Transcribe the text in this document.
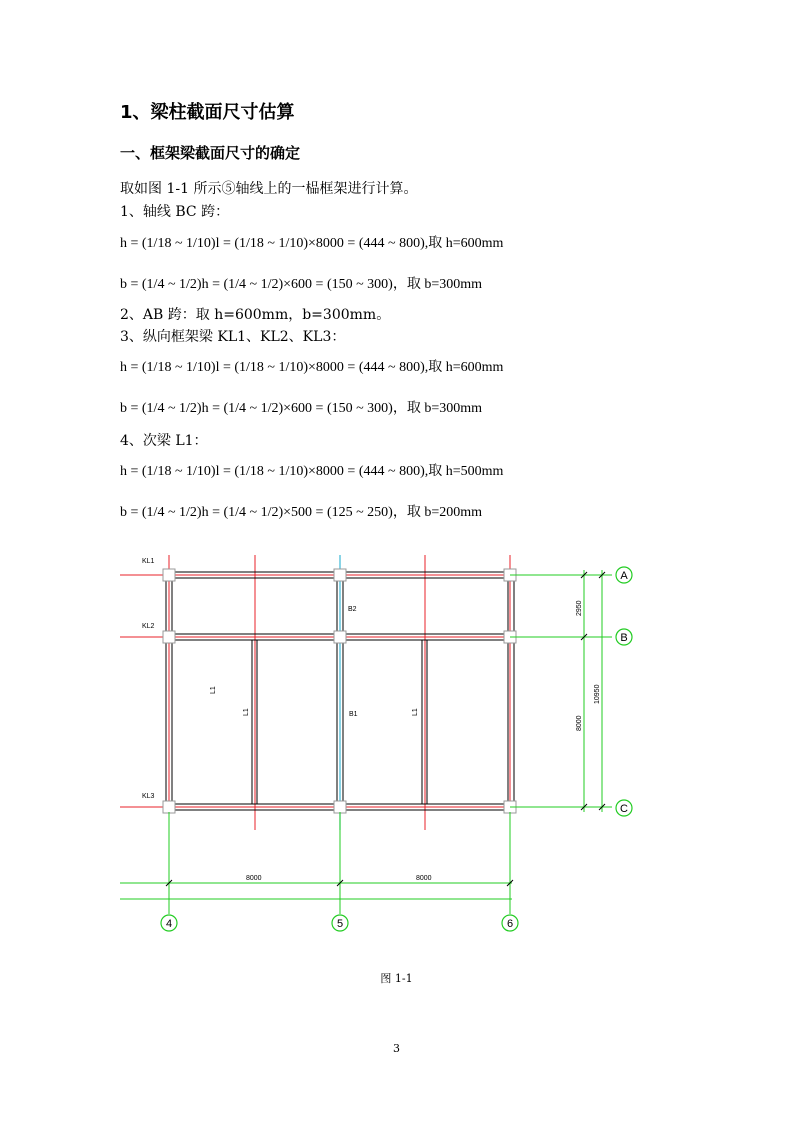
1、梁柱截面尺寸估算
一、框架梁截面尺寸的确定
取如图 1-1 所示⑤轴线上的一榀框架进行计算。
1、轴线 BC 跨：
h = (1/18 ~ 1/10)l = (1/18 ~ 1/10)×8000 = (444 ~ 800),取 h=600mm
b = (1/4 ~ 1/2)h = (1/4 ~ 1/2)×600 = (150 ~ 300)，取 b=300mm
2、AB 跨：取 h=600mm，b=300mm。
3、纵向框架梁 KL1、KL2、KL3：
h = (1/18 ~ 1/10)l = (1/18 ~ 1/10)×8000 = (444 ~ 800),取 h=600mm
b = (1/4 ~ 1/2)h = (1/4 ~ 1/2)×600 = (150 ~ 300)，取 b=300mm
4、次梁 L1：
h = (1/18 ~ 1/10)l = (1/18 ~ 1/10)×8000 = (444 ~ 800),取 h=500mm
b = (1/4 ~ 1/2)h = (1/4 ~ 1/2)×500 = (125 ~ 250)，取 b=200mm
KL1
KL2
KL3
B2
B1
L1
L1	L1
8000	8000
2950
8000
10950
A
B
C
4	5	6
图 1-1
3
